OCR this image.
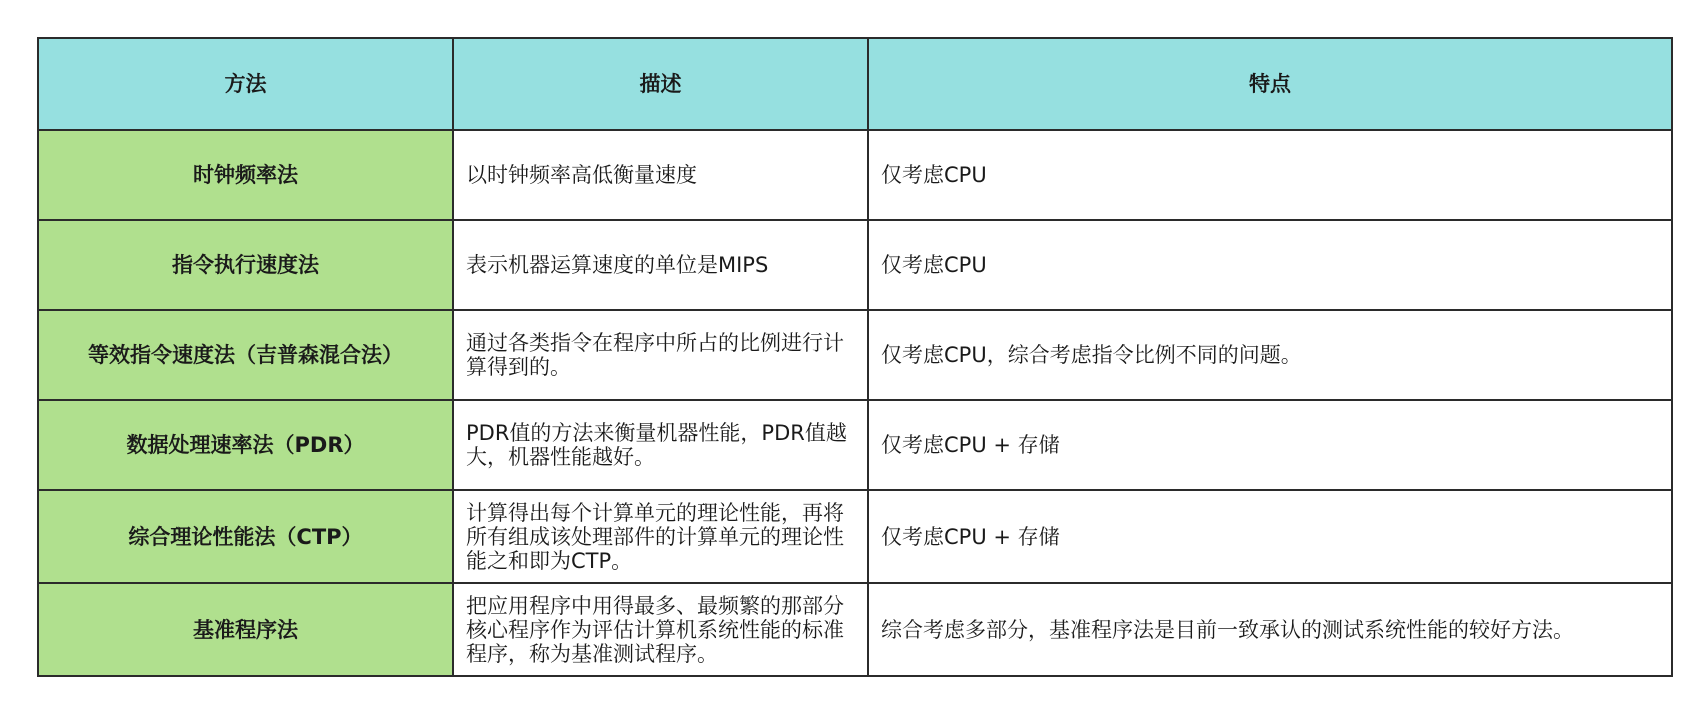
方法	描述	特点
时钟频率法	以时钟频率高低衡量速度	仅考虑CPU
指令执行速度法	表示机器运算速度的单位是MIPS	仅考虑CPU
等效指令速度法（吉普森混合法）	通过各类指令在程序中所占的比例进行计算得到的。	仅考虑CPU，综合考虑指令比例不同的问题。
数据处理速率法（PDR）	PDR值的方法来衡量机器性能，PDR值越大，机器性能越好。	仅考虑CPU + 存储
综合理论性能法（CTP）	计算得出每个计算单元的理论性能，再将所有组成该处理部件的计算单元的理论性能之和即为CTP。	仅考虑CPU + 存储
基准程序法	把应用程序中用得最多、最频繁的那部分核心程序作为评估计算机系统性能的标准程序，称为基准测试程序。	综合考虑多部分，基准程序法是目前一致承认的测试系统性能的较好方法。
